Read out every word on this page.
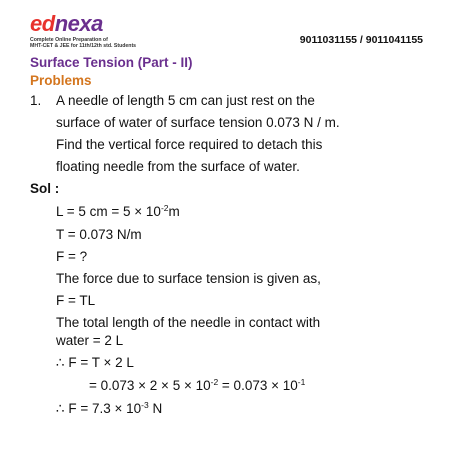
ednexa
Complete Online Preparation of
MHT-CET & JEE for 11th/12th std. Students	9011031155 / 9011041155
Surface Tension (Part - II)
Problems
1. A needle of length 5 cm can just rest on the
surface of water of surface tension 0.073 N / m.
Find the vertical force required to detach this
floating needle from the surface of water.
Sol :
L = 5 cm = $5 \times 10^{-2}m$
T = 0.073 N/m
F = ?
The force due to surface tension is given as,
F = TL
The total length of the needle in contact with
water = 2 L
∴ F = T × 2 L
= $0.073 \times 2 \times 5 \times 10^{-2} = 0.073 \times 10^{-1}$
∴ $F = 7.3 \times 10^{-3}$ N
